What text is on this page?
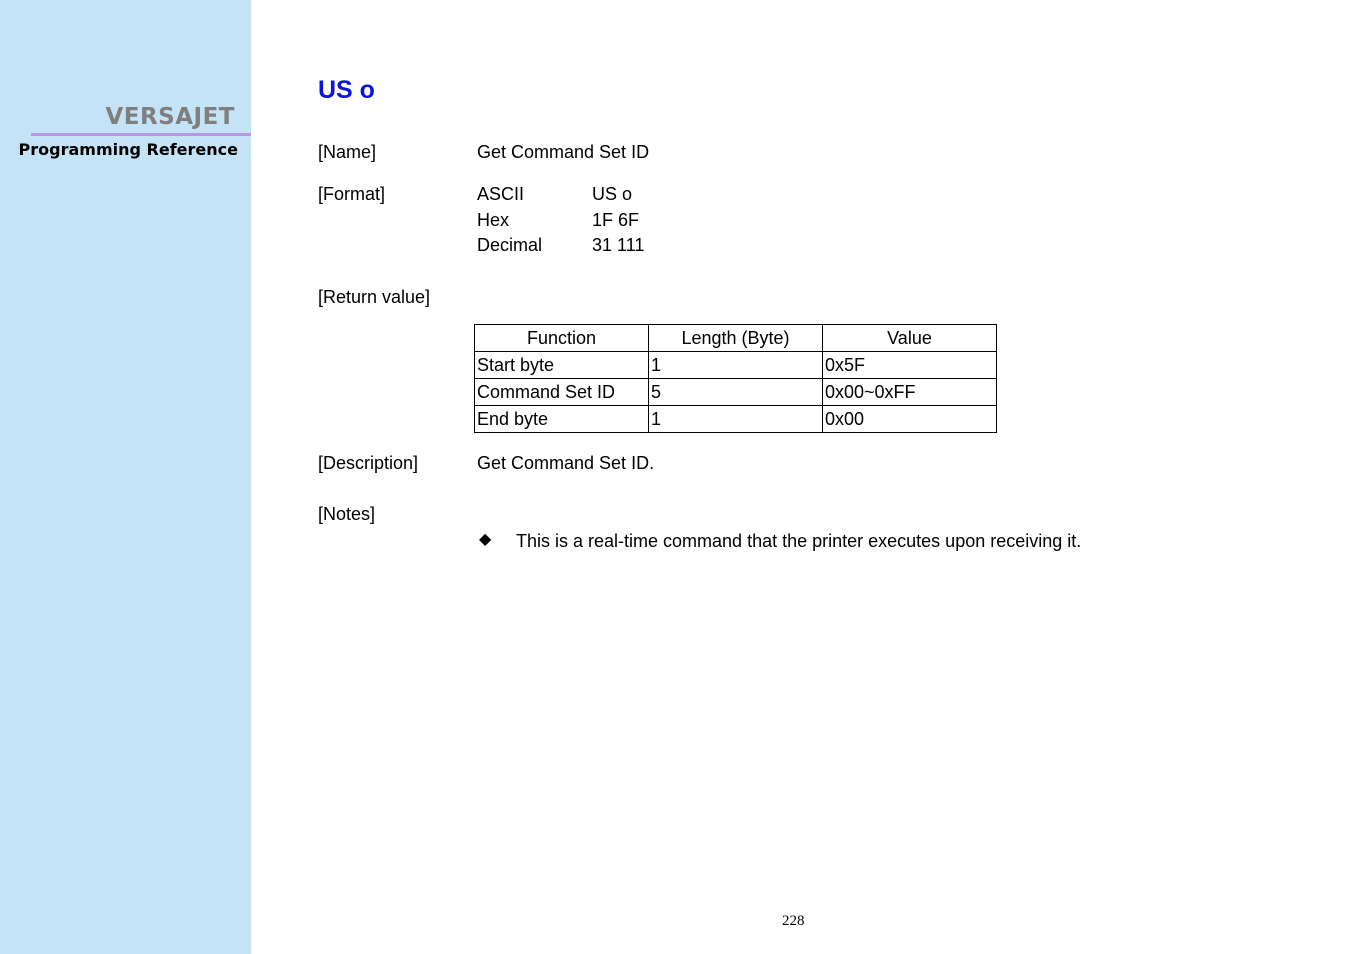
VERSAJET
Programming Reference
US o
[Name]	Get Command Set ID
[Format]	ASCII	US o
Hex	1F 6F
Decimal	31 111
[Return value]
Function	Length (Byte)	Value
Start byte	1	0x5F
Command Set ID	5	0x00~0xFF
End byte	1	0x00
[Description]	Get Command Set ID.
[Notes]
◆ This is a real-time command that the printer executes upon receiving it.
228
